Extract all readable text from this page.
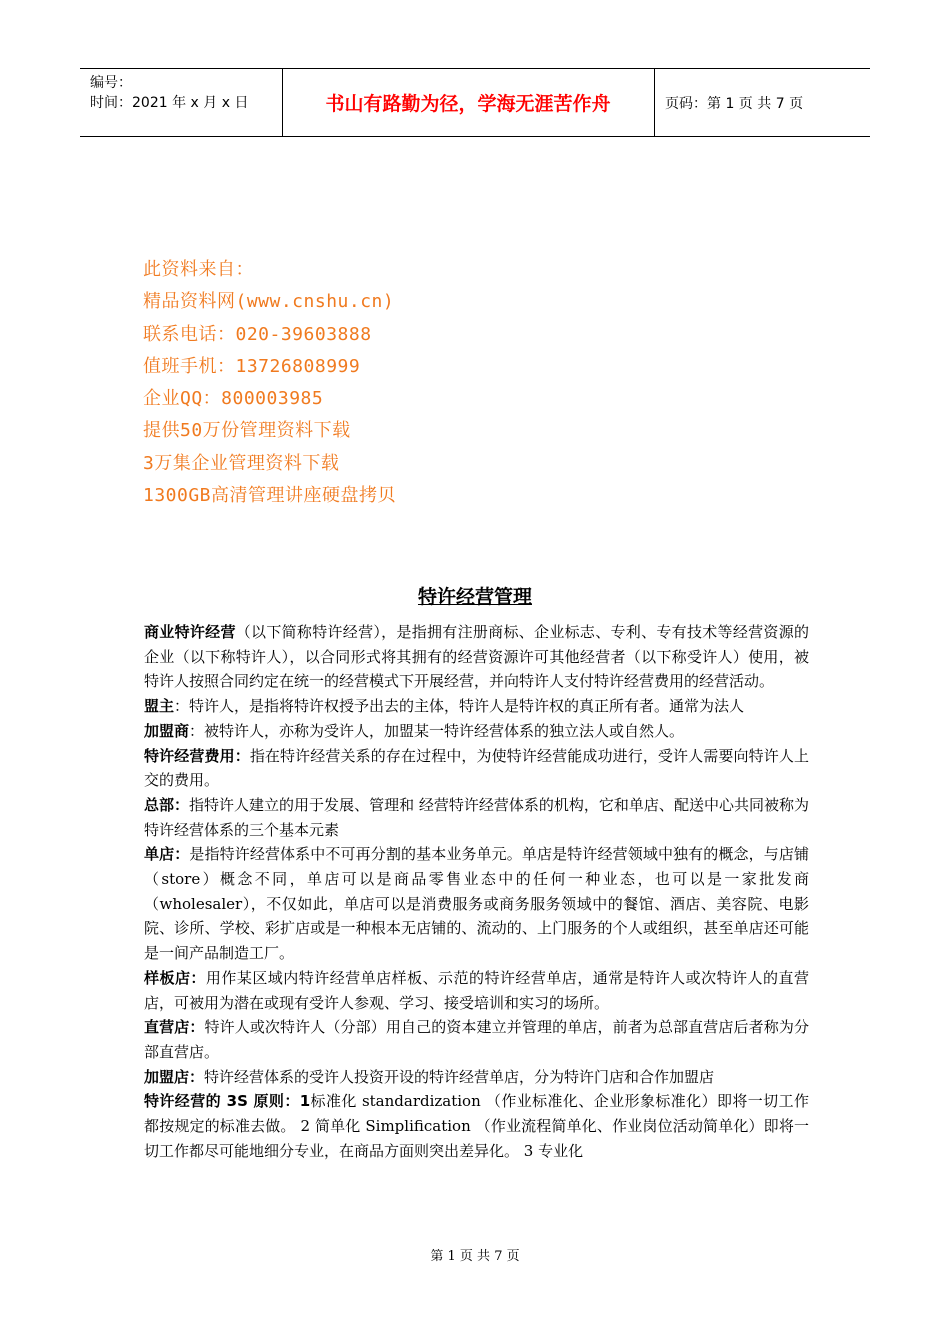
编号：
时间：2021 年 x 月 x 日	书山有路勤为径，学海无涯苦作舟	页码：第 1 页 共 7 页
此资料来自：
精品资料网(www.cnshu.cn)
联系电话：020-39603888
值班手机：13726808999
企业QQ：800003985
提供50万份管理资料下载
3万集企业管理资料下载
1300GB高清管理讲座硬盘拷贝
特许经营管理

商业特许经营（以下简称特许经营），是指拥有注册商标、企业标志、专利、专有技术等经营资源的企业（以下称特许人），以合同形式将其拥有的经营资源许可其他经营者（以下称受许人）使用，被特许人按照合同约定在统一的经营模式下开展经营，并向特许人支付特许经营费用的经营活动。

盟主：特许人，是指将特许权授予出去的主体，特许人是特许权的真正所有者。通常为法人

加盟商：被特许人，亦称为受许人，加盟某一特许经营体系的独立法人或自然人。

特许经营费用：指在特许经营关系的存在过程中，为使特许经营能成功进行，受许人需要向特许人上交的费用。

总部：指特许人建立的用于发展、管理和 经营特许经营体系的机构，它和单店、配送中心共同被称为特许经营体系的三个基本元素

单店：是指特许经营体系中不可再分割的基本业务单元。单店是特许经营领域中独有的概念，与店铺（store）概念不同，单店可以是商品零售业态中的任何一种业态，也可以是一家批发商（wholesaler），不仅如此，单店可以是消费服务或商务服务领域中的餐馆、酒店、美容院、电影院、诊所、学校、彩扩店或是一种根本无店铺的、流动的、上门服务的个人或组织，甚至单店还可能是一间产品制造工厂。

样板店：用作某区域内特许经营单店样板、示范的特许经营单店，通常是特许人或次特许人的直营店，可被用为潜在或现有受许人参观、学习、接受培训和实习的场所。

直营店：特许人或次特许人（分部）用自己的资本建立并管理的单店，前者为总部直营店后者称为分部直营店。

加盟店：特许经营体系的受许人投资开设的特许经营单店，分为特许门店和合作加盟店

特许经营的 3S 原则：1标准化 standardization （作业标准化、企业形象标准化）即将一切工作都按规定的标准去做。 2 简单化 Simplification （作业流程简单化、作业岗位活动简单化）即将一切工作都尽可能地细分专业，在商品方面则突出差异化。 3 专业化

第 1 页 共 7 页
